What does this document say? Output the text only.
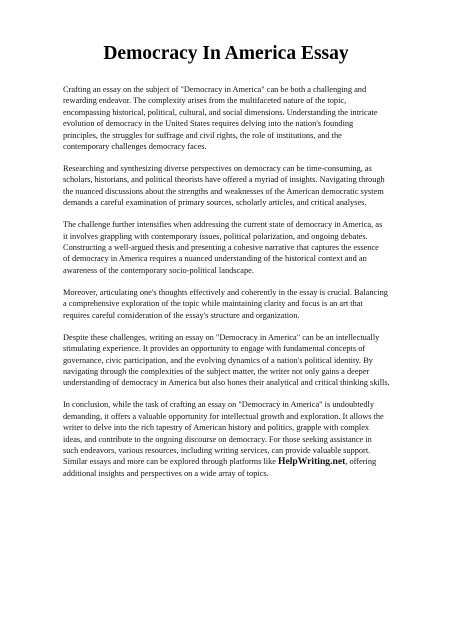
Democracy In America Essay

Crafting an essay on the subject of "Democracy in America" can be both a challenging and
rewarding endeavor. The complexity arises from the multifaceted nature of the topic,
encompassing historical, political, cultural, and social dimensions. Understanding the intricate
evolution of democracy in the United States requires delving into the nation's founding
principles, the struggles for suffrage and civil rights, the role of institutions, and the
contemporary challenges democracy faces.

Researching and synthesizing diverse perspectives on democracy can be time-consuming, as
scholars, historians, and political theorists have offered a myriad of insights. Navigating through
the nuanced discussions about the strengths and weaknesses of the American democratic system
demands a careful examination of primary sources, scholarly articles, and critical analyses.

The challenge further intensifies when addressing the current state of democracy in America, as
it involves grappling with contemporary issues, political polarization, and ongoing debates.
Constructing a well-argued thesis and presenting a cohesive narrative that captures the essence
of democracy in America requires a nuanced understanding of the historical context and an
awareness of the contemporary socio-political landscape.

Moreover, articulating one's thoughts effectively and coherently in the essay is crucial. Balancing
a comprehensive exploration of the topic while maintaining clarity and focus is an art that
requires careful consideration of the essay's structure and organization.

Despite these challenges, writing an essay on "Democracy in America" can be an intellectually
stimulating experience. It provides an opportunity to engage with fundamental concepts of
governance, civic participation, and the evolving dynamics of a nation's political identity. By
navigating through the complexities of the subject matter, the writer not only gains a deeper
understanding of democracy in America but also hones their analytical and critical thinking skills.

In conclusion, while the task of crafting an essay on "Democracy in America" is undoubtedly
demanding, it offers a valuable opportunity for intellectual growth and exploration. It allows the
writer to delve into the rich tapestry of American history and politics, grapple with complex
ideas, and contribute to the ongoing discourse on democracy. For those seeking assistance in
such endeavors, various resources, including writing services, can provide valuable support.
Similar essays and more can be explored through platforms like HelpWriting.net, offering
additional insights and perspectives on a wide array of topics.
